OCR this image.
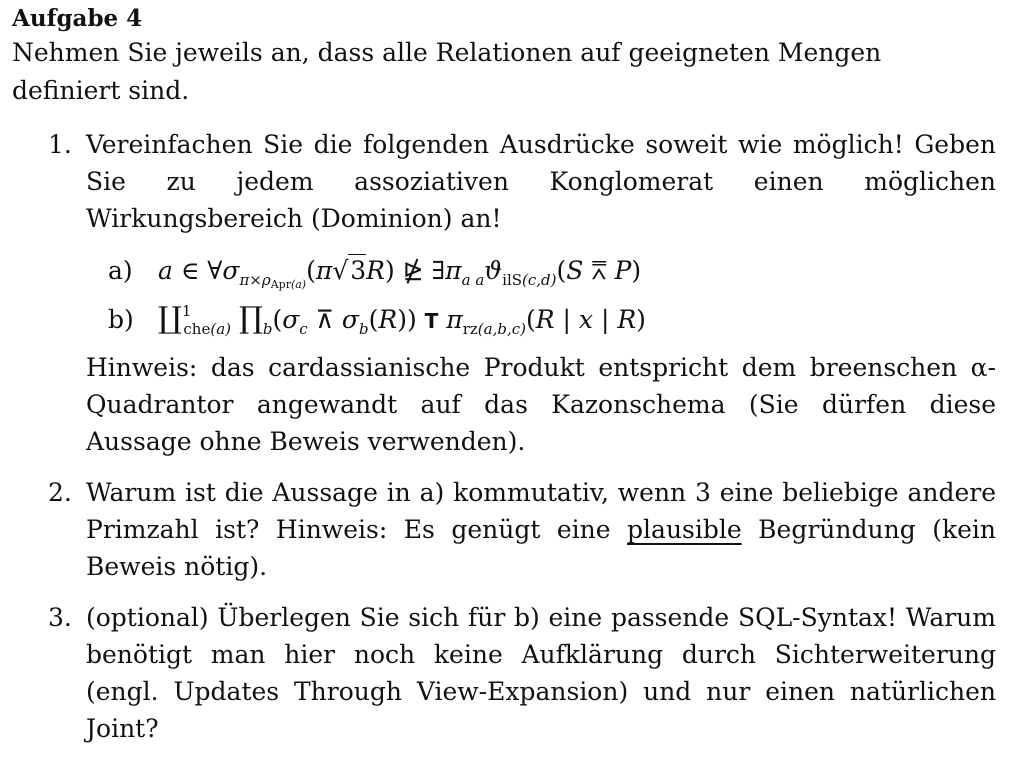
Aufgabe 4

Nehmen Sie jeweils an, dass alle Relationen auf geeigneten Mengen definiert sind.

1. Vereinfachen Sie die folgenden Ausdrücke soweit wie möglich! Geben Sie zu jedem assoziativen Konglomerat einen möglichen Wirkungsbereich (Dominion) an!

a) a ∈ $\forall\sigma_{\pi\times\rho_{Apr(a)}}(\pi√3R)$ ⋭ $\exists\pi_{a a}ϑ_{ilS(c,d)}(S$ ⩞ P)
b) ∐$^1_{che(a)}$ $\prod_b(\sigma_c$ ⊼ $\sigma_b(R)$) T $\pi_{rz(a,b,c)}(R$ | x | R)

Hinweis: das cardassianische Produkt entspricht dem breenschen α-Quadrantor angewandt auf das Kazonschema (Sie dürfen diese Aussage ohne Beweis verwenden).

2. Warum ist die Aussage in a) kommutativ, wenn 3 eine beliebige andere Primzahl ist? Hinweis: Es genügt eine plausible Begründung (kein Beweis nötig).

3. (optional) Überlegen Sie sich für b) eine passende SQL-Syntax! Warum benötigt man hier noch keine Aufklärung durch Sichterweiterung (engl. Updates Through View-Expansion) und nur einen natürlichen Joint?
